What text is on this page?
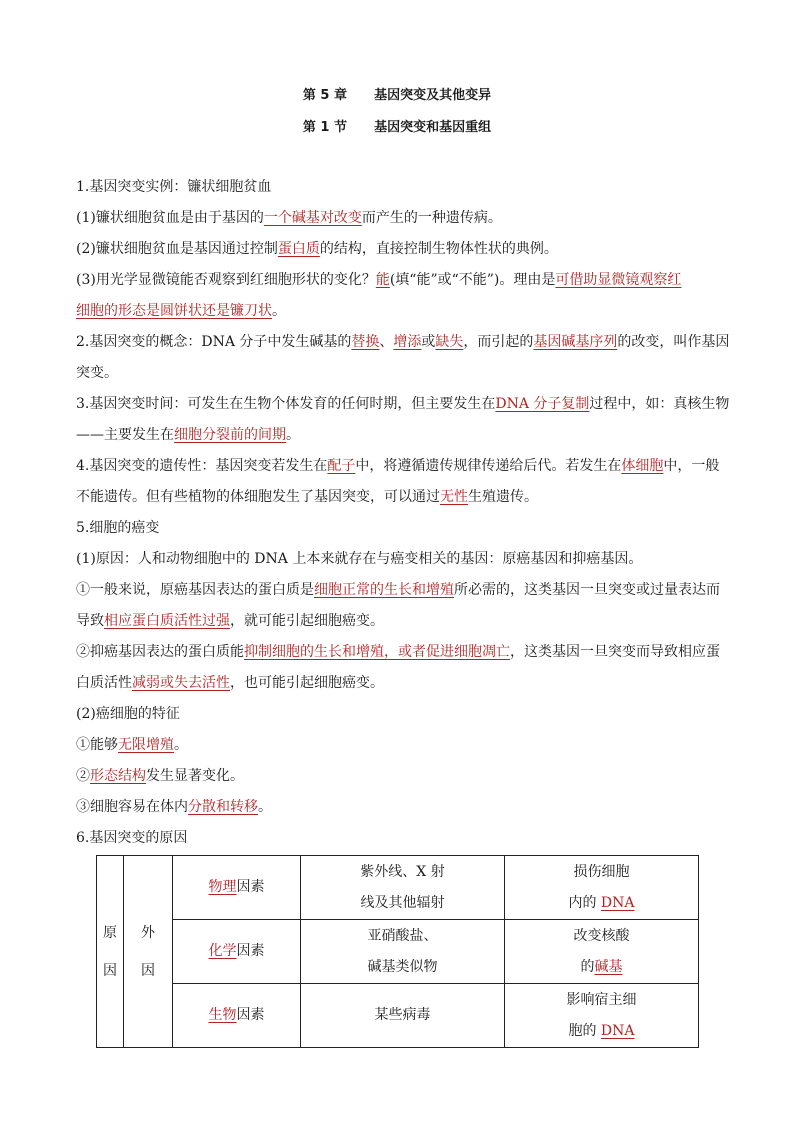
第 5 章      基因突变及其他变异
第 1 节      基因突变和基因重组

1.基因突变实例：镰状细胞贫血

(1)镰状细胞贫血是由于基因的一个碱基对改变而产生的一种遗传病。

(2)镰状细胞贫血是基因通过控制蛋白质的结构，直接控制生物体性状的典例。

(3)用光学显微镜能否观察到红细胞形状的变化？能(填“能”或“不能”)。理由是可借助显微镜观察红

细胞的形态是圆饼状还是镰刀状。

2.基因突变的概念：DNA 分子中发生碱基的替换、增添或缺失，而引起的基因碱基序列的改变，叫作基因

突变。

3.基因突变时间：可发生在生物个体发育的任何时期，但主要发生在DNA 分子复制过程中，如：真核生物

——主要发生在细胞分裂前的间期。

4.基因突变的遗传性：基因突变若发生在配子中，将遵循遗传规律传递给后代。若发生在体细胞中，一般

不能遗传。但有些植物的体细胞发生了基因突变，可以通过无性生殖遗传。

5.细胞的癌变

(1)原因：人和动物细胞中的 DNA 上本来就存在与癌变相关的基因：原癌基因和抑癌基因。

①一般来说，原癌基因表达的蛋白质是细胞正常的生长和增殖所必需的，这类基因一旦突变或过量表达而

导致相应蛋白质活性过强，就可能引起细胞癌变。

②抑癌基因表达的蛋白质能抑制细胞的生长和增殖，或者促进细胞凋亡，这类基因一旦突变而导致相应蛋

白质活性减弱或失去活性，也可能引起细胞癌变。

(2)癌细胞的特征

①能够无限增殖。

②形态结构发生显著变化。

③细胞容易在体内分散和转移。

6.基因突变的原因

原
因	外
因	物理因素	紫外线、X 射
线及其他辐射	损伤细胞
内的 DNA
		化学因素	亚硝酸盐、
碱基类似物	改变核酸
的碱基
		生物因素	某些病毒	影响宿主细
胞的 DNA
